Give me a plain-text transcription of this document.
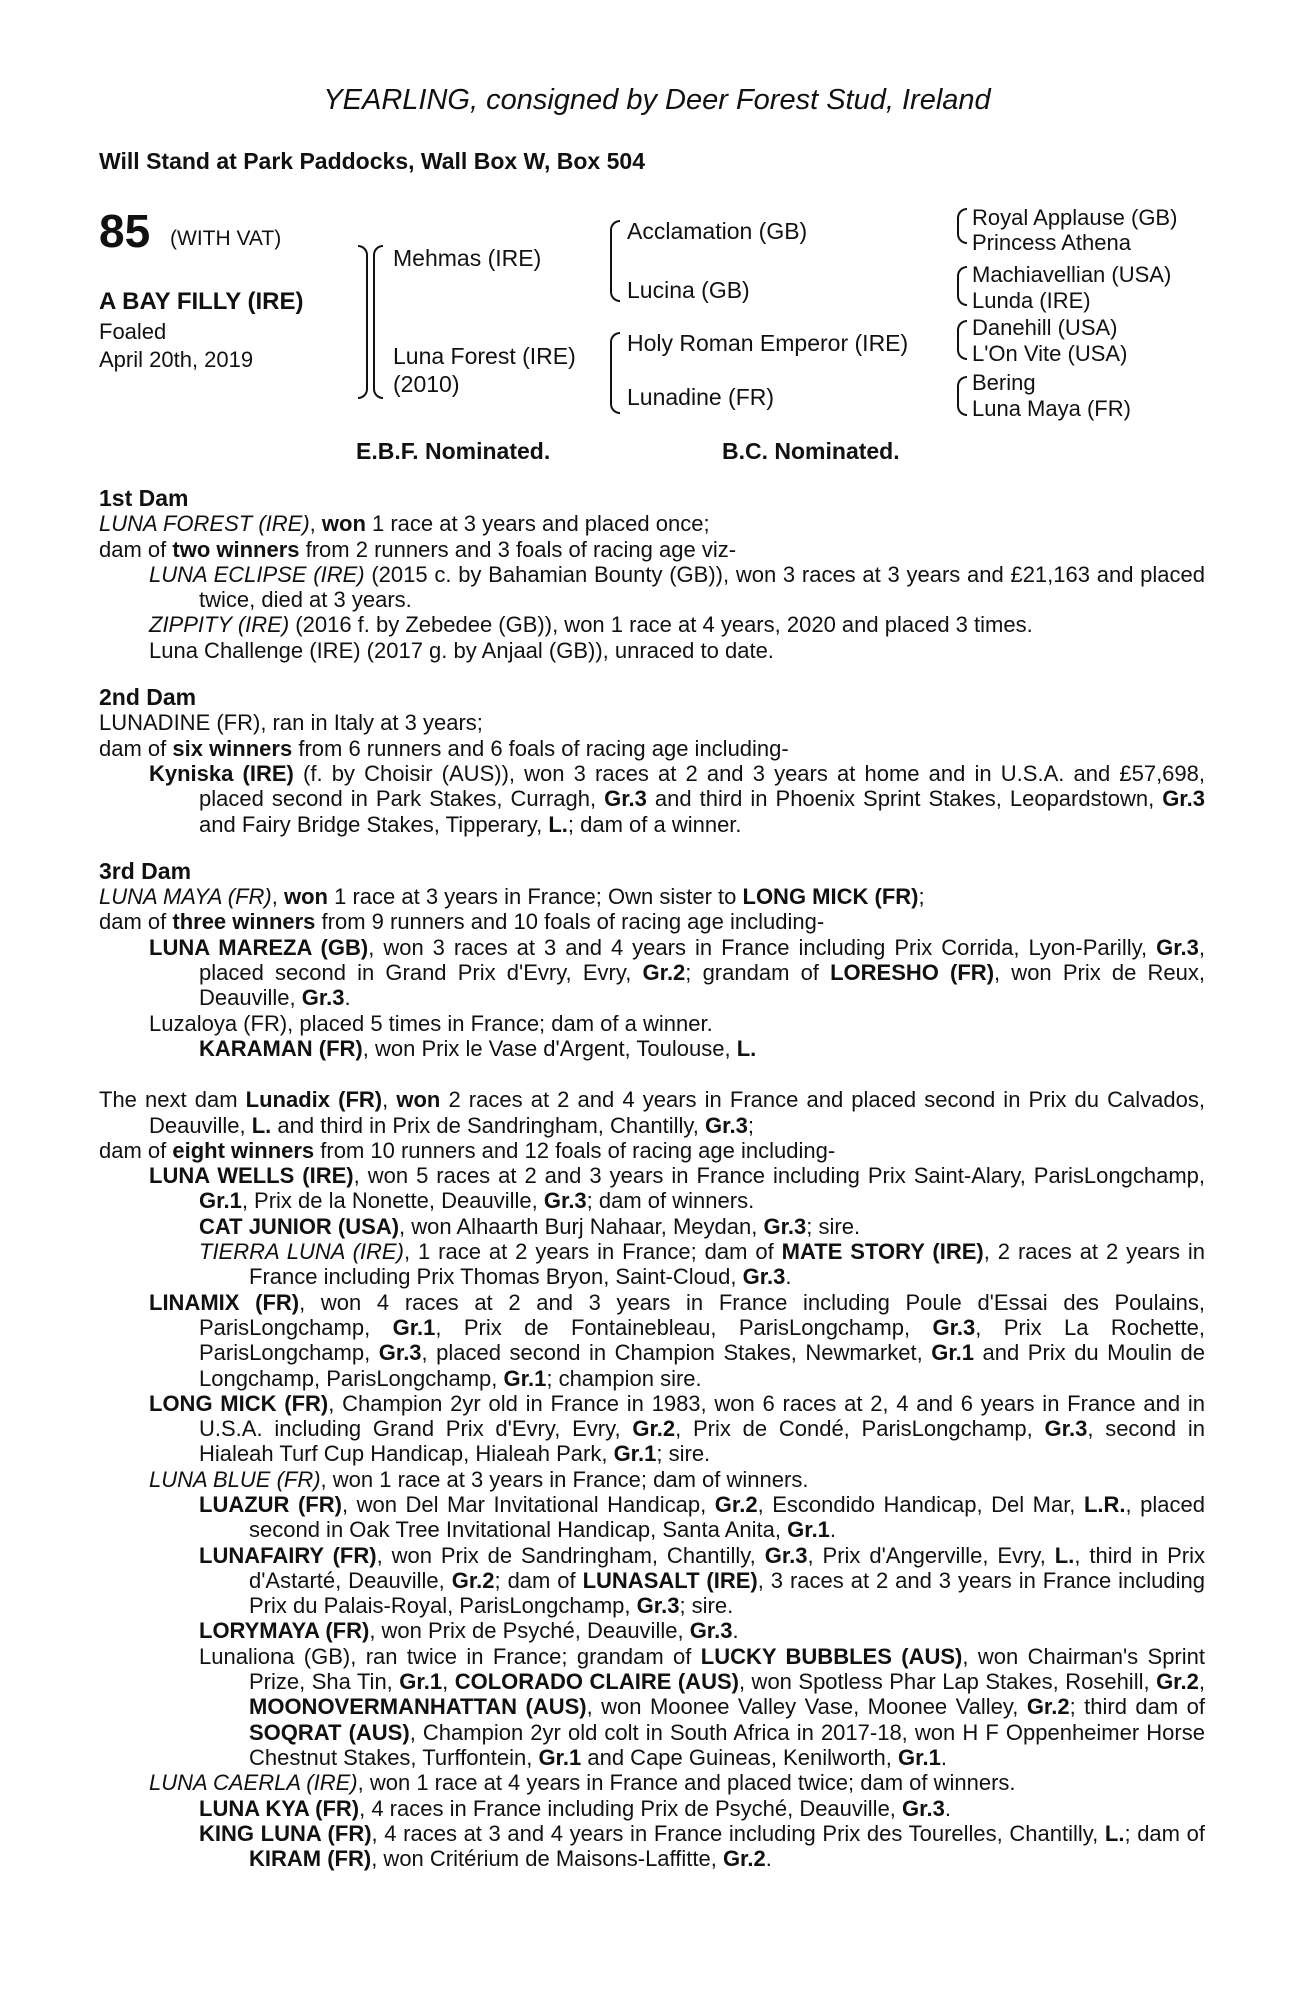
YEARLING, consigned by Deer Forest Stud, Ireland
Will Stand at Park Paddocks, Wall Box W, Box 504
85 (WITH VAT)
A BAY FILLY (IRE)
Foaled
April 20th, 2019
Mehmas (IRE)
Luna Forest (IRE)
(2010)
Acclamation (GB)
Lucina (GB)
Holy Roman Emperor (IRE)
Lunadine (FR)
Royal Applause (GB)
Princess Athena
Machiavellian (USA)
Lunda (IRE)
Danehill (USA)
L'On Vite (USA)
Bering
Luna Maya (FR)
E.B.F. Nominated.	B.C. Nominated.
1st Dam
LUNA FOREST (IRE), won 1 race at 3 years and placed once;
dam of two winners from 2 runners and 3 foals of racing age viz-
LUNA ECLIPSE (IRE) (2015 c. by Bahamian Bounty (GB)), won 3 races at 3 years and £21,163 and placed twice, died at 3 years.
ZIPPITY (IRE) (2016 f. by Zebedee (GB)), won 1 race at 4 years, 2020 and placed 3 times.
Luna Challenge (IRE) (2017 g. by Anjaal (GB)), unraced to date.
2nd Dam
LUNADINE (FR), ran in Italy at 3 years;
dam of six winners from 6 runners and 6 foals of racing age including-
Kyniska (IRE) (f. by Choisir (AUS)), won 3 races at 2 and 3 years at home and in U.S.A. and £57,698, placed second in Park Stakes, Curragh, Gr.3 and third in Phoenix Sprint Stakes, Leopardstown, Gr.3 and Fairy Bridge Stakes, Tipperary, L.; dam of a winner.
3rd Dam
LUNA MAYA (FR), won 1 race at 3 years in France; Own sister to LONG MICK (FR);
dam of three winners from 9 runners and 10 foals of racing age including-
LUNA MAREZA (GB), won 3 races at 3 and 4 years in France including Prix Corrida, Lyon-Parilly, Gr.3, placed second in Grand Prix d'Evry, Evry, Gr.2; grandam of LORESHO (FR), won Prix de Reux, Deauville, Gr.3.
Luzaloya (FR), placed 5 times in France; dam of a winner.
KARAMAN (FR), won Prix le Vase d'Argent, Toulouse, L.
The next dam Lunadix (FR), won 2 races at 2 and 4 years in France and placed second in Prix du Calvados, Deauville, L. and third in Prix de Sandringham, Chantilly, Gr.3;
dam of eight winners from 10 runners and 12 foals of racing age including-
LUNA WELLS (IRE), won 5 races at 2 and 3 years in France including Prix Saint-Alary, ParisLongchamp, Gr.1, Prix de la Nonette, Deauville, Gr.3; dam of winners.
CAT JUNIOR (USA), won Alhaarth Burj Nahaar, Meydan, Gr.3; sire.
TIERRA LUNA (IRE), 1 race at 2 years in France; dam of MATE STORY (IRE), 2 races at 2 years in France including Prix Thomas Bryon, Saint-Cloud, Gr.3.
LINAMIX (FR), won 4 races at 2 and 3 years in France including Poule d'Essai des Poulains, ParisLongchamp, Gr.1, Prix de Fontainebleau, ParisLongchamp, Gr.3, Prix La Rochette, ParisLongchamp, Gr.3, placed second in Champion Stakes, Newmarket, Gr.1 and Prix du Moulin de Longchamp, ParisLongchamp, Gr.1; champion sire.
LONG MICK (FR), Champion 2yr old in France in 1983, won 6 races at 2, 4 and 6 years in France and in U.S.A. including Grand Prix d'Evry, Evry, Gr.2, Prix de Condé, ParisLongchamp, Gr.3, second in Hialeah Turf Cup Handicap, Hialeah Park, Gr.1; sire.
LUNA BLUE (FR), won 1 race at 3 years in France; dam of winners.
LUAZUR (FR), won Del Mar Invitational Handicap, Gr.2, Escondido Handicap, Del Mar, L.R., placed second in Oak Tree Invitational Handicap, Santa Anita, Gr.1.
LUNAFAIRY (FR), won Prix de Sandringham, Chantilly, Gr.3, Prix d'Angerville, Evry, L., third in Prix d'Astarté, Deauville, Gr.2; dam of LUNASALT (IRE), 3 races at 2 and 3 years in France including Prix du Palais-Royal, ParisLongchamp, Gr.3; sire.
LORYMAYA (FR), won Prix de Psyché, Deauville, Gr.3.
Lunaliona (GB), ran twice in France; grandam of LUCKY BUBBLES (AUS), won Chairman's Sprint Prize, Sha Tin, Gr.1, COLORADO CLAIRE (AUS), won Spotless Phar Lap Stakes, Rosehill, Gr.2, MOONOVERMANHATTAN (AUS), won Moonee Valley Vase, Moonee Valley, Gr.2; third dam of SOQRAT (AUS), Champion 2yr old colt in South Africa in 2017-18, won H F Oppenheimer Horse Chestnut Stakes, Turffontein, Gr.1 and Cape Guineas, Kenilworth, Gr.1.
LUNA CAERLA (IRE), won 1 race at 4 years in France and placed twice; dam of winners.
LUNA KYA (FR), 4 races in France including Prix de Psyché, Deauville, Gr.3.
KING LUNA (FR), 4 races at 3 and 4 years in France including Prix des Tourelles, Chantilly, L.; dam of KIRAM (FR), won Critérium de Maisons-Laffitte, Gr.2.
